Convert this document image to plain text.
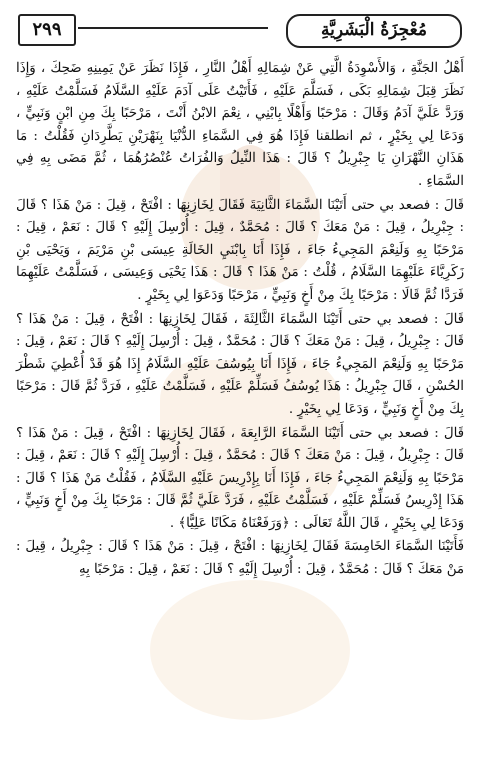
٢٩٩	مُعْجِزَةُ الْبَشَرِيَّةِ

أَهْلُ الجَنَّةِ ، وَالأَسْوِدَةُ الَّتِي عَنْ شِمَالِهِ أَهْلُ النَّارِ ، فَإِذَا نَظَرَ عَنْ يَمِينِهِ ضَحِكَ ، وَإِذَا نَظَرَ قِبَلَ شِمَالِهِ بَكَى ، فَسَلَّمَ عَلَيْهِ ، فَأَتَيْتُ عَلَى آدَمَ عَلَيْهِ السَّلَامُ فَسَلَّمْتُ عَلَيْهِ ، وَرَدَّ عَلَيَّ آدَمُ وَقَالَ : مَرْحَبًا وَأَهْلًا بِابْنِي ، نِعْمَ الابْنُ أَنْتَ ، مَرْحَبًا بِكَ مِنِ ابْنٍ وَنَبِيٍّ ، وَدَعَا لِي بِخَيْرٍ ، ثم انطلقنا فَإِذَا هُوَ فِي السَّمَاءِ الدُّنْيَا بِنَهْرَيْنِ يَطَّرِدَانِ فَقُلْتُ : مَا هَذَانِ النَّهْرَانِ يَا جِبْرِيلُ ؟ قَالَ : هَذَا النِّيلُ وَالفُرَاتُ عُنْصُرُهُمَا ، ثُمَّ مَضَى بِهِ فِي السَّمَاءِ .

قَالَ : فصعد بي حتى أَتَيْنَا السَّمَاءَ الثَّانِيَةَ فَقَالَ لِخَازِنِهَا : افْتَحْ ، قِيلَ : مَنْ هَذَا ؟ قَالَ : جِبْرِيلُ ، قِيلَ : مَنْ مَعَكَ ؟ قَالَ : مُحَمَّدٌ ، قِيلَ : أُرْسِلَ إِلَيْهِ ؟ قَالَ : نَعَمْ ، قِيلَ : مَرْحَبًا بِهِ وَلَنِعْمَ المَجِيءُ جَاءَ ، فَإِذَا أَنَا بِابْنَيِ الخَالَةِ عِيسَى بْنِ مَرْيَمَ ، وَيَحْيَى بْنِ زَكَرِيَّاءَ عَلَيْهِمَا السَّلَامُ ، قُلْتُ : مَنْ هَذَا ؟ قَالَ : هَذَا يَحْيَى وَعِيسَى ، فَسَلَّمْتُ عَلَيْهِمَا فَرَدَّا ثُمَّ قَالَا : مَرْحَبًا بِكَ مِنْ أَخٍ وَنَبِيٍّ ، مَرْحَبًا وَدَعَوَا لِي بِخَيْرٍ .

قَالَ : فصعد بي حتى أَتَيْنَا السَّمَاءَ الثَّالِثَةَ ، فَقَالَ لِخَازِنِهَا : افْتَحْ ، قِيلَ : مَنْ هَذَا ؟ قَالَ : جِبْرِيلُ ، قِيلَ : مَنْ مَعَكَ ؟ قَالَ : مُحَمَّدٌ ، قِيلَ : أُرْسِلَ إِلَيْهِ ؟ قَالَ : نَعَمْ ، قِيلَ : مَرْحَبًا بِهِ وَلَنِعْمَ المَجِيءُ جَاءَ ، فَإِذَا أَنَا بِيُوسُفَ عَلَيْهِ السَّلَامُ إِذَا هُوَ قَدْ أُعْطِيَ شَطْرَ الحُسْنِ ، قَالَ جِبْرِيلُ : هَذَا يُوسُفُ فَسَلِّمْ عَلَيْهِ ، فَسَلَّمْتُ عَلَيْهِ ، فَرَدَّ ثُمَّ قَالَ : مَرْحَبًا بِكَ مِنْ أَخٍ وَنَبِيٍّ ، وَدَعَا لِي بِخَيْرٍ .

قَالَ : فصعد بي حتى أَتَيْنَا السَّمَاءَ الرَّابِعَةَ ، فَقَالَ لِخَازِنِهَا : افْتَحْ ، قِيلَ : مَنْ هَذَا ؟ قَالَ : جِبْرِيلُ ، قِيلَ : مَنْ مَعَكَ ؟ قَالَ : مُحَمَّدٌ ، قِيلَ : أُرْسِلَ إِلَيْهِ ؟ قَالَ : نَعَمْ ، قِيلَ : مَرْحَبًا بِهِ وَلَنِعْمَ المَجِيءُ جَاءَ ، فَإِذَا أَنَا بِإِدْرِيسَ عَلَيْهِ السَّلَامُ ، فَقُلْتُ مَنْ هَذَا ؟ قَالَ : هَذَا إِدْرِيسُ فَسَلِّمْ عَلَيْهِ ، فَسَلَّمْتُ عَلَيْهِ ، فَرَدَّ عَلَيَّ ثُمَّ قَالَ : مَرْحَبًا بِكَ مِنْ أَخٍ وَنَبِيٍّ ، وَدَعَا لِي بِخَيْرٍ ، قَالَ اللَّهُ تَعَالَى : ﴿وَرَفَعْنَاهُ مَكَانًا عَلِيًّا﴾ .

فَأَتَيْنَا السَّمَاءَ الخَامِسَةَ فَقَالَ لِخَازِنِهَا : افْتَحْ ، قِيلَ : مَنْ هَذَا ؟ قَالَ : جِبْرِيلُ ، قِيلَ : مَنْ مَعَكَ ؟ قَالَ : مُحَمَّدٌ ، قِيلَ : أُرْسِلَ إِلَيْهِ ؟ قَالَ : نَعَمْ ، قِيلَ : مَرْحَبًا بِهِ
